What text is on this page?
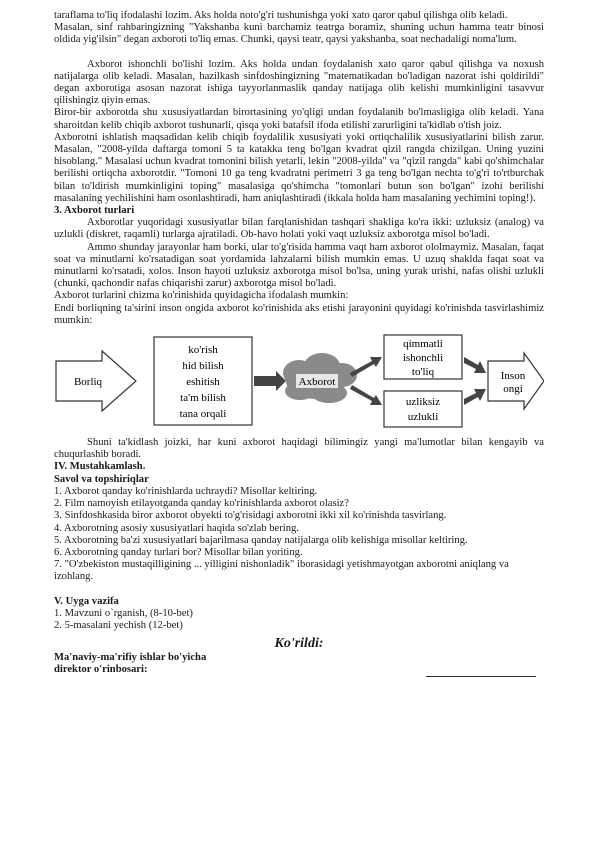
taraflama to'liq ifodalashi lozim. Aks holda noto'g'ri tushunishga yoki xato qaror qabul qilishga olib keladi.

Masalan, sinf rahbaringizning "Yakshanba kuni barchamiz teatrga boramiz, shuning uchun hamma teatr binosi oldida yig'ilsin" degan axboroti to'liq emas. Chunki, qaysi teatr, qaysi yakshanba, soat nechadaligi noma'lum.

Axborot ishonchli bo'lishi lozim. Aks holda undan foydalanish xato qaror qabul qilishga va noxush natijalarga olib keladi. Masalan, hazilkash sinfdoshingizning "matematikadan bo'ladigan nazorat ishi qoldirildi" degan axborotiga asosan nazorat ishiga tayyorlanmaslik qanday natijaga olib kelishi mumkinligini tasavvur qilishingiz qiyin emas.

Biror-bir axborotda shu xususiyatlardan birortasining yo'qligi undan foydalanib bo'lmasligiga olib keladi. Yana sharoitdan kelib chiqib axborot tushunarli, qisqa yoki batafsil ifoda etilishi zarurligini ta'kidlab o'tish joiz.

Axborotni ishlatish maqsadidan kelib chiqib foydalilik xususiyati yoki ortiqchalilik xususiyatlarini bilish zarur. Masalan, "2008-yilda daftarga tomoni 5 ta katakka teng bo'lgan kvadrat qizil rangda chizilgan. Uning yuzini hisoblang." Masalasi uchun kvadrat tomonini bilish yetarli, lekin "2008-yilda" va "qizil rangda" kabi qo'shimchalar berilishi ortiqcha axborotdir. "Tomoni 10 ga teng kvadratni perimetri 3 ga teng bo'lgan nechta to'g'ri to'rtburchak bilan to'ldirish mumkinligini toping" masalasiga qo'shimcha "tomonlari butun son bo'lgan" izohi berilishi masalaning yechilishini ham osonlashtiradi, ham aniqlashtiradi (ikkala holda ham masalaning yechimini toping!).

3. Axborot turlari

Axborotlar yuqoridagi xususiyatlar bilan farqlanishidan tashqari shakliga ko'ra ikki: uzluksiz (analog) va uzlukli (diskret, raqamli) turlarga ajratiladi. Ob-havo holati yoki vaqt uzluksiz axborotga misol bo'ladi.

Ammo shunday jarayonlar ham borki, ular to'g'risida hamma vaqt ham axborot ololmaymiz. Masalan, faqat soat va minutlarni ko'rsatadigan soat yordamida lahzalarni bilish mumkin emas. U uzuq shaklda faqat soat va minutlarni ko'rsatadi, xolos. Inson hayoti uzluksiz axborotga misol bo'lsa, uning yurak urishi, nafas olishi uzlukli (chunki, qachondir nafas chiqarishi zarur) axborotga misol bo'ladi.

Axborot turlarini chizma ko'rinishida quyidagicha ifodalash mumkin:

Endi borliqning ta'sirini inson ongida axborot ko'rinishida aks etishi jarayonini quyidagi ko'rinishda tasvirlashimiz mumkin:

Borliq
ko'rish
hid bilish
eshitish
ta'm bilish
tana orqali
Axborot
qimmatli
ishonchli
to'liq
uzliksiz
uzlukli
Inson
ongi

Shuni ta'kidlash joizki, har kuni axborot haqidagi bilimingiz yangi ma'lumotlar bilan kengayib va chuqurlashib boradi.

IV. Mustahkamlash.
Savol va topshiriqlar
1. Axborot qanday ko'rinishlarda uchraydi? Misollar keltiring.
2. Film namoyish etilayotganda qanday ko'rinishlarda axborot olasiz?
3. Sinfdoshkasida biror axborot obyekti to'g'risidagi axborotni ikki xil ko'rinishda tasvirlang.
4. Axborotning asosiy xususiyatlari haqida so'zlab bering.
5. Axborotning ba'zi xususiyatlari bajarilmasa qanday natijalarga olib kelishiga misollar keltiring.
6. Axborotning qanday turlari bor? Misollar bilan yoriting.
7. "O'zbekiston mustaqilligining ... yilligini nishonladik" iborasidagi yetishmayotgan axborotni aniqlang va izohlang.
V. Uyga vazifa
1. Mavzuni o`rganish, (8-10-bet)
2. 5-masalani yechish (12-bet)
Ko'rildi:
Ma'naviy-ma'rifiy ishlar bo'yicha
direktor o'rinbosari:
